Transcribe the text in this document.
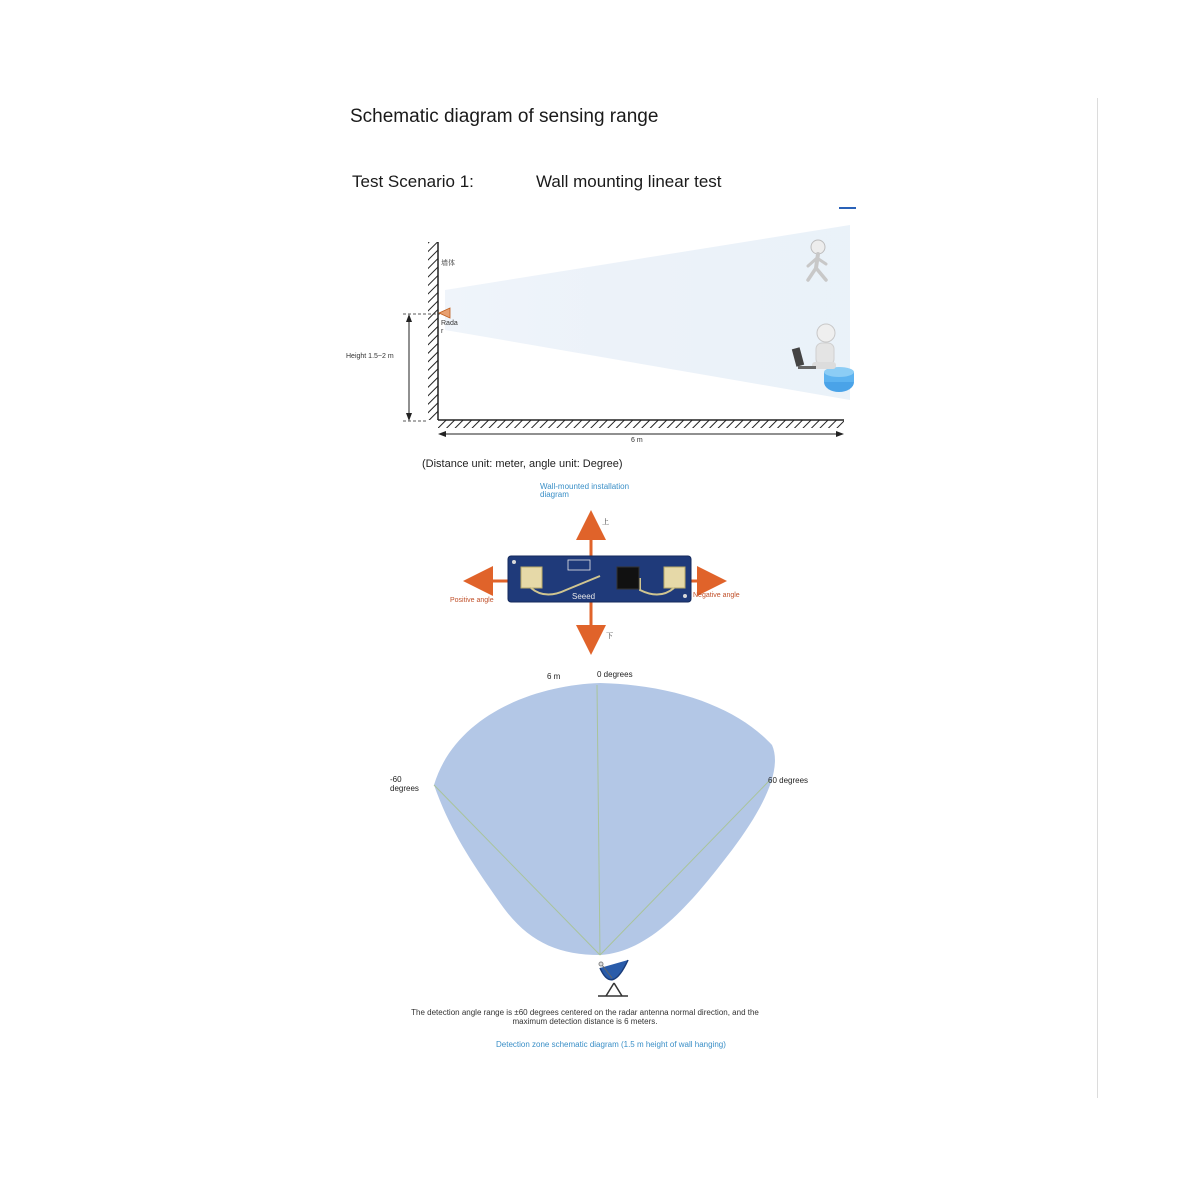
Schematic diagram of sensing range
Test Scenario 1:	Wall mounting linear test
Seeed
墙体
Rada r
Height 1.5~2 m
6 m
(Distance unit: meter, angle unit: Degree)
Wall-mounted installation diagram
上
下
Positive angle
Negative angle
6 m	0 degrees
-60 degrees
60 degrees
The detection angle range is ±60 degrees centered on the radar antenna normal direction, and the maximum detection distance is 6 meters.
Detection zone schematic diagram (1.5 m height of wall hanging)
